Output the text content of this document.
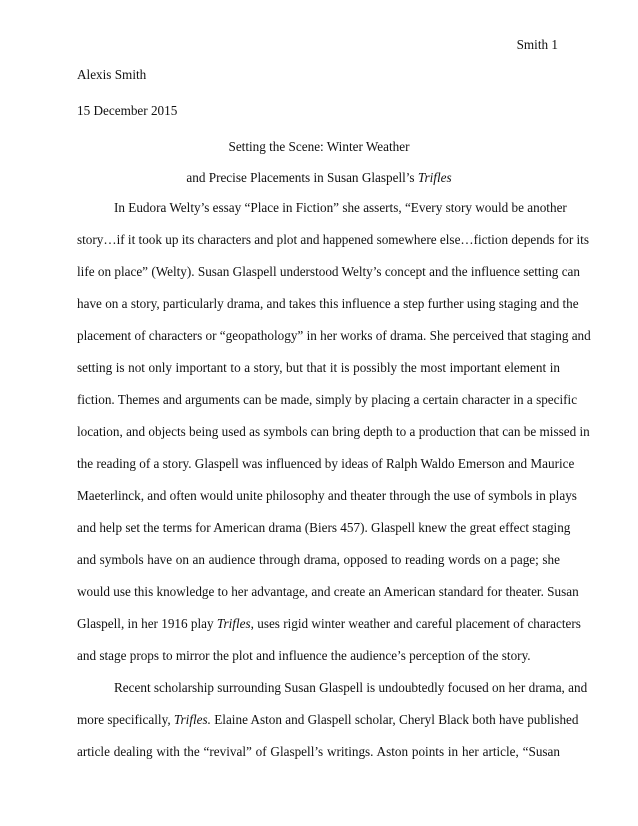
Smith 1
Alexis Smith
15 December 2015
Setting the Scene: Winter Weather
and Precise Placements in Susan Glaspell’s Trifles
In Eudora Welty’s essay “Place in Fiction” she asserts, “Every story would be another
story…if it took up its characters and plot and happened somewhere else…fiction depends for its
life on place” (Welty). Susan Glaspell understood Welty’s concept and the influence setting can
have on a story, particularly drama, and takes this influence a step further using staging and the
placement of characters or “geopathology” in her works of drama. She perceived that staging and
setting is not only important to a story, but that it is possibly the most important element in
fiction. Themes and arguments can be made, simply by placing a certain character in a specific
location, and objects being used as symbols can bring depth to a production that can be missed in
the reading of a story. Glaspell was influenced by ideas of Ralph Waldo Emerson and Maurice
Maeterlinck, and often would unite philosophy and theater through the use of symbols in plays
and help set the terms for American drama (Biers 457). Glaspell knew the great effect staging
and symbols have on an audience through drama, opposed to reading words on a page; she
would use this knowledge to her advantage, and create an American standard for theater. Susan
Glaspell, in her 1916 play Trifles, uses rigid winter weather and careful placement of characters
and stage props to mirror the plot and influence the audience’s perception of the story.
Recent scholarship surrounding Susan Glaspell is undoubtedly focused on her drama, and
more specifically, Trifles. Elaine Aston and Glaspell scholar, Cheryl Black both have published
article dealing with the “revival” of Glaspell’s writings. Aston points in her article, “Susan
